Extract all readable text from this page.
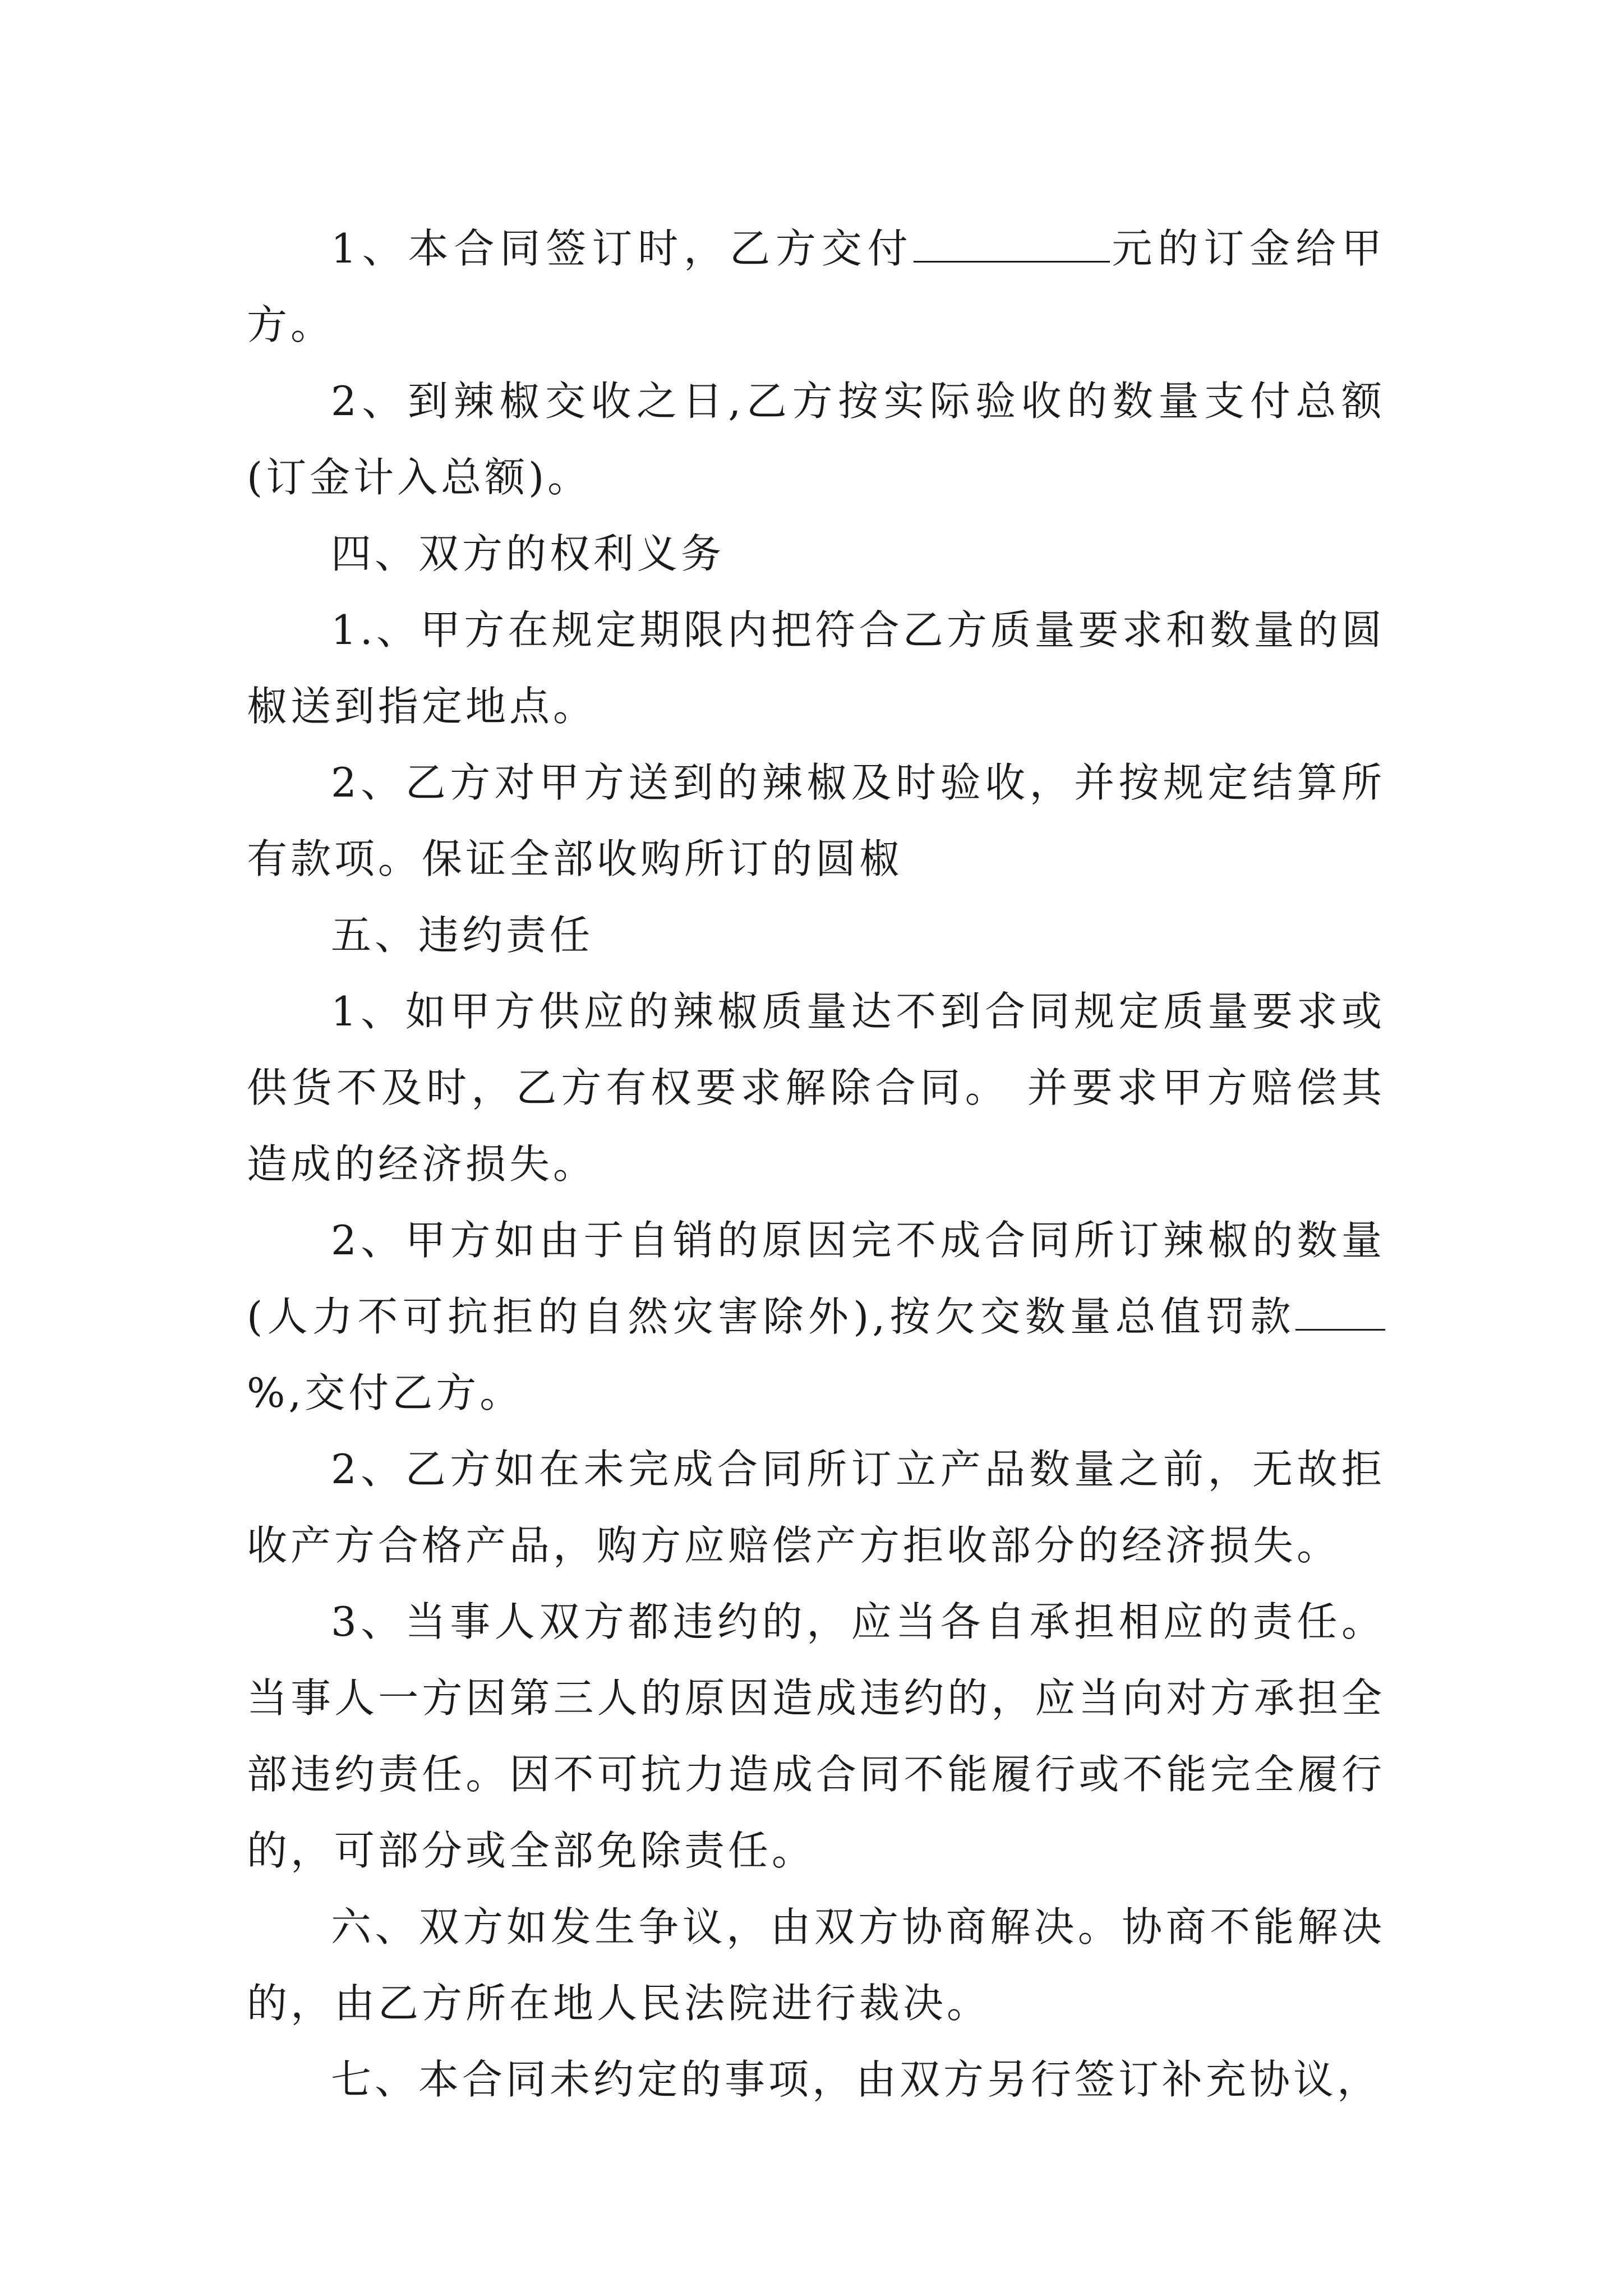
1、本合同签订时，乙方交付	元的订金给甲方。

2、到辣椒交收之日,乙方按实际验收的数量支付总额(订金计入总额)。

四、双方的权利义务

1.、甲方在规定期限内把符合乙方质量要求和数量的圆椒送到指定地点。

2、乙方对甲方送到的辣椒及时验收，并按规定结算所有款项。保证全部收购所订的圆椒

五、违约责任

1、如甲方供应的辣椒质量达不到合同规定质量要求或供货不及时，乙方有权要求解除合同。 并要求甲方赔偿其造成的经济损失。

2、甲方如由于自销的原因完不成合同所订辣椒的数量(人力不可抗拒的自然灾害除外),按欠交数量总值罚款%,交付乙方。

2、乙方如在未完成合同所订立产品数量之前，无故拒收产方合格产品，购方应赔偿产方拒收部分的经济损失。

3、当事人双方都违约的，应当各自承担相应的责任。当事人一方因第三人的原因造成违约的，应当向对方承担全部违约责任。因不可抗力造成合同不能履行或不能完全履行的，可部分或全部免除责任。

六、双方如发生争议，由双方协商解决。协商不能解决的，由乙方所在地人民法院进行裁决。

七、本合同未约定的事项，由双方另行签订补充协议，
